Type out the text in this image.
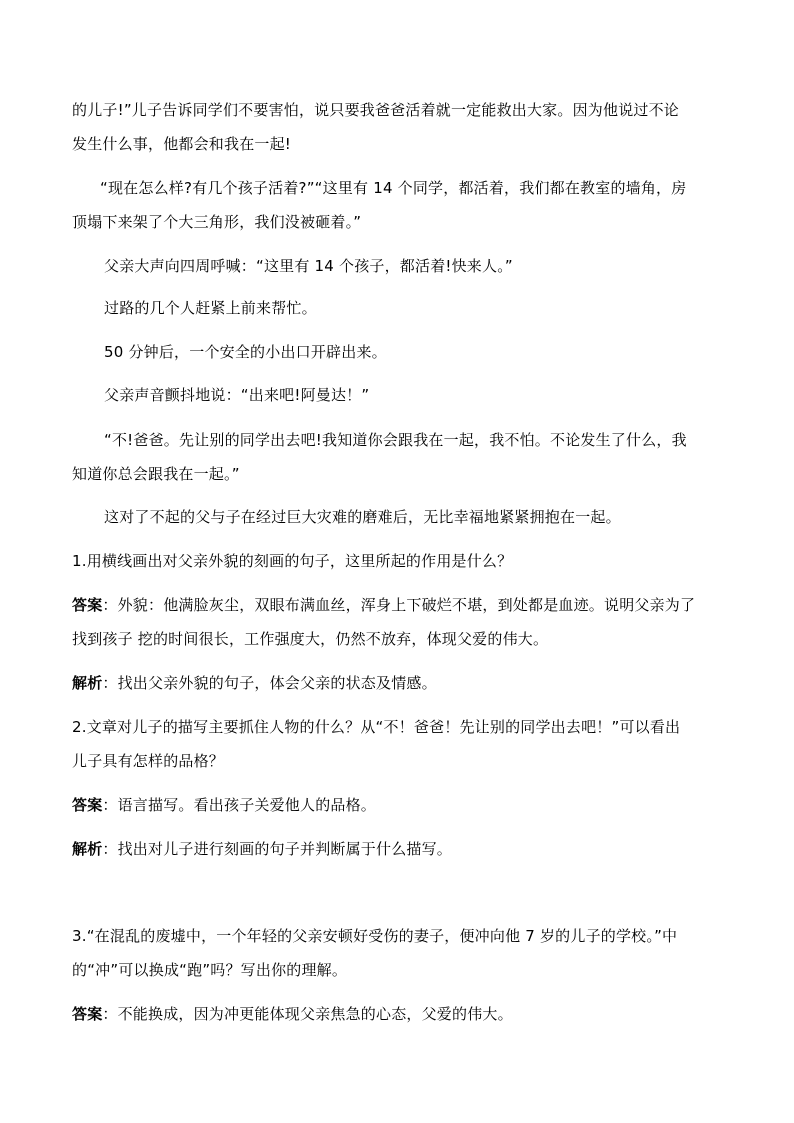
的儿子!”儿子告诉同学们不要害怕，说只要我爸爸活着就一定能救出大家。因为他说过不论
发生什么事，他都会和我在一起!
“现在怎么样?有几个孩子活着?”“这里有 14 个同学，都活着，我们都在教室的墙角，房
顶塌下来架了个大三角形，我们没被砸着。”
父亲大声向四周呼喊：“这里有 14 个孩子，都活着!快来人。”
过路的几个人赶紧上前来帮忙。
50 分钟后，一个安全的小出口开辟出来。
父亲声音颤抖地说：“出来吧!阿曼达！”
“不!爸爸。先让别的同学出去吧!我知道你会跟我在一起，我不怕。不论发生了什么，我
知道你总会跟我在一起。”
这对了不起的父与子在经过巨大灾难的磨难后，无比幸福地紧紧拥抱在一起。
1.用横线画出对父亲外貌的刻画的句子，这里所起的作用是什么？
答案：外貌：他满脸灰尘，双眼布满血丝，浑身上下破烂不堪，到处都是血迹。说明父亲为了
找到孩子 挖的时间很长，工作强度大，仍然不放弃，体现父爱的伟大。
解析：找出父亲外貌的句子，体会父亲的状态及情感。
2.文章对儿子的描写主要抓住人物的什么？从“不！爸爸！先让别的同学出去吧！”可以看出
儿子具有怎样的品格？
答案：语言描写。看出孩子关爱他人的品格。
解析：找出对儿子进行刻画的句子并判断属于什么描写。
3.“在混乱的废墟中，一个年轻的父亲安顿好受伤的妻子，便冲向他 7 岁的儿子的学校。”中
的“冲”可以换成“跑”吗？写出你的理解。
答案：不能换成，因为冲更能体现父亲焦急的心态，父爱的伟大。
